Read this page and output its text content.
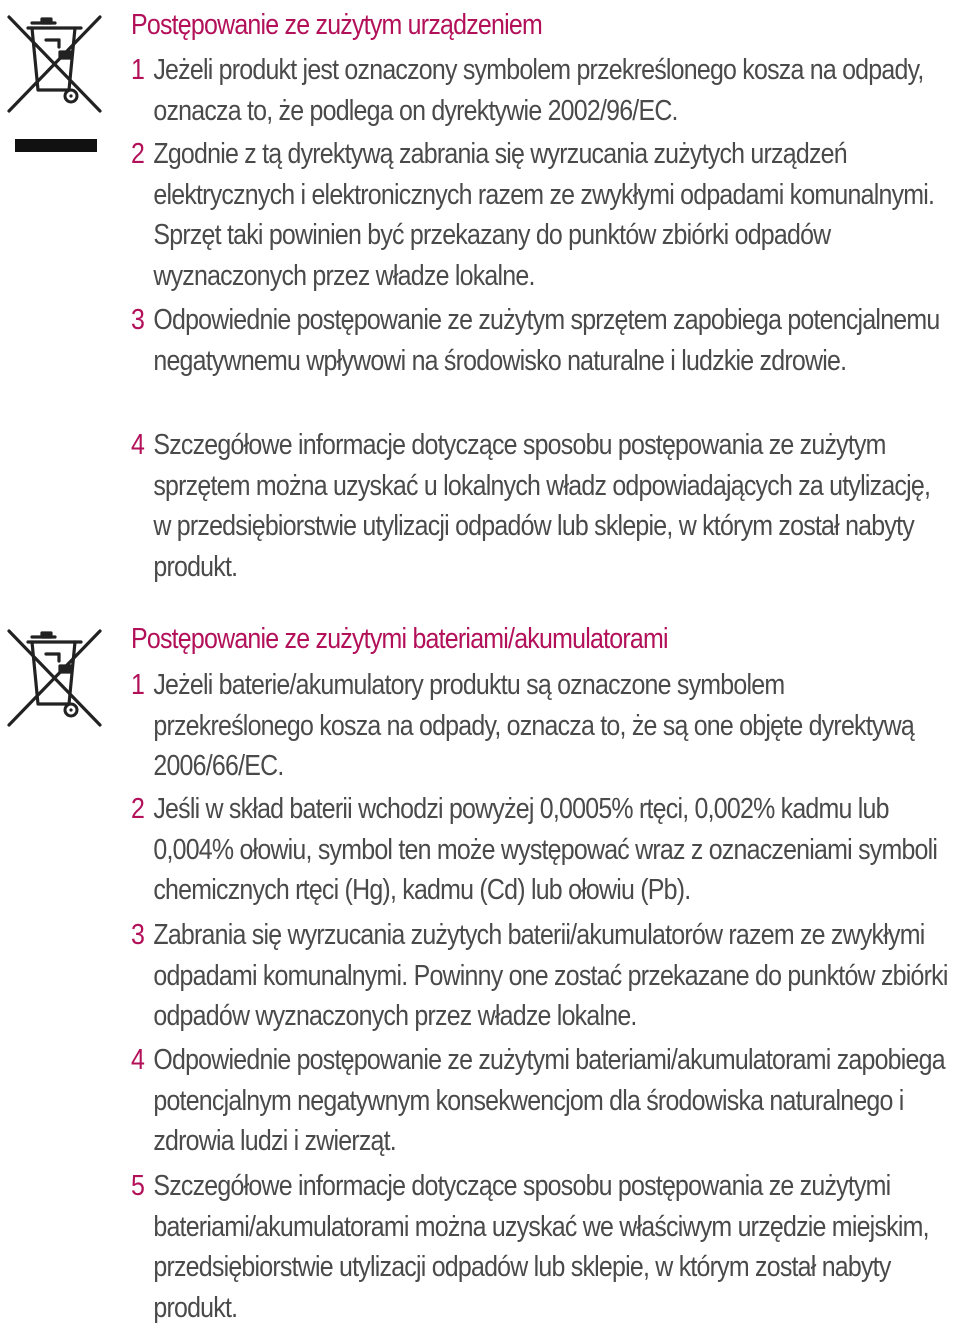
Postępowanie ze zużytym urządzeniem
1 Jeżeli produkt jest oznaczony symbolem przekreślonego kosza na odpady, oznacza to, że podlega on dyrektywie 2002/96/EC.
2 Zgodnie z tą dyrektywą zabrania się wyrzucania zużytych urządzeń elektrycznych i elektronicznych razem ze zwykłymi odpadami komunalnymi. Sprzęt taki powinien być przekazany do punktów zbiórki odpadów wyznaczonych przez władze lokalne.
3 Odpowiednie postępowanie ze zużytym sprzętem zapobiega potencjalnemu negatywnemu wpływowi na środowisko naturalne i ludzkie zdrowie.
4 Szczegółowe informacje dotyczące sposobu postępowania ze zużytym sprzętem można uzyskać u lokalnych władz odpowiadających za utylizację, w przedsiębiorstwie utylizacji odpadów lub sklepie, w którym został nabyty produkt.
Postępowanie ze zużytymi bateriami/akumulatorami
1 Jeżeli baterie/akumulatory produktu są oznaczone symbolem przekreślonego kosza na odpady, oznacza to, że są one objęte dyrektywą 2006/66/EC.
2 Jeśli w skład baterii wchodzi powyżej 0,0005% rtęci, 0,002% kadmu lub 0,004% ołowiu, symbol ten może występować wraz z oznaczeniami symboli chemicznych rtęci (Hg), kadmu (Cd) lub ołowiu (Pb).
3 Zabrania się wyrzucania zużytych baterii/akumulatorów razem ze zwykłymi odpadami komunalnymi. Powinny one zostać przekazane do punktów zbiórki odpadów wyznaczonych przez władze lokalne.
4 Odpowiednie postępowanie ze zużytymi bateriami/akumulatorami zapobiega potencjalnym negatywnym konsekwencjom dla środowiska naturalnego i zdrowia ludzi i zwierząt.
5 Szczegółowe informacje dotyczące sposobu postępowania ze zużytymi bateriami/akumulatorami można uzyskać we właściwym urzędzie miejskim, przedsiębiorstwie utylizacji odpadów lub sklepie, w którym został nabyty produkt.
